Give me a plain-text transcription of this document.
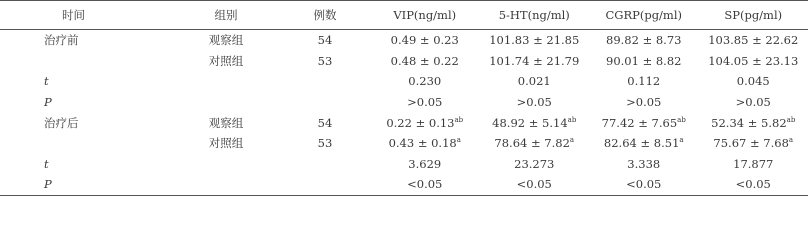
时间	组别	例数	VIP(ng/ml)	5-HT(ng/ml)	CGRP(pg/ml)	SP(pg/ml)
治疗前	观察组	54	0.49 ± 0.23	101.83 ± 21.85	89.82 ± 8.73	103.85 ± 22.62
	对照组	53	0.48 ± 0.22	101.74 ± 21.79	90.01 ± 8.82	104.05 ± 23.13
t			0.230	0.021	0.112	0.045
P			>0.05	>0.05	>0.05	>0.05
治疗后	观察组	54	0.22 ± 0.13$^{ab}$	48.92 ± 5.14$^{ab}$	77.42 ± 7.65$^{ab}$	52.34 ± 5.82$^{ab}$
	对照组	53	0.43 ± 0.18$^a$	78.64 ± 7.82$^a$	82.64 ± 8.51$^a$	75.67 ± 7.68$^a$
t			3.629	23.273	3.338	17.877
P			<0.05	<0.05	<0.05	<0.05
